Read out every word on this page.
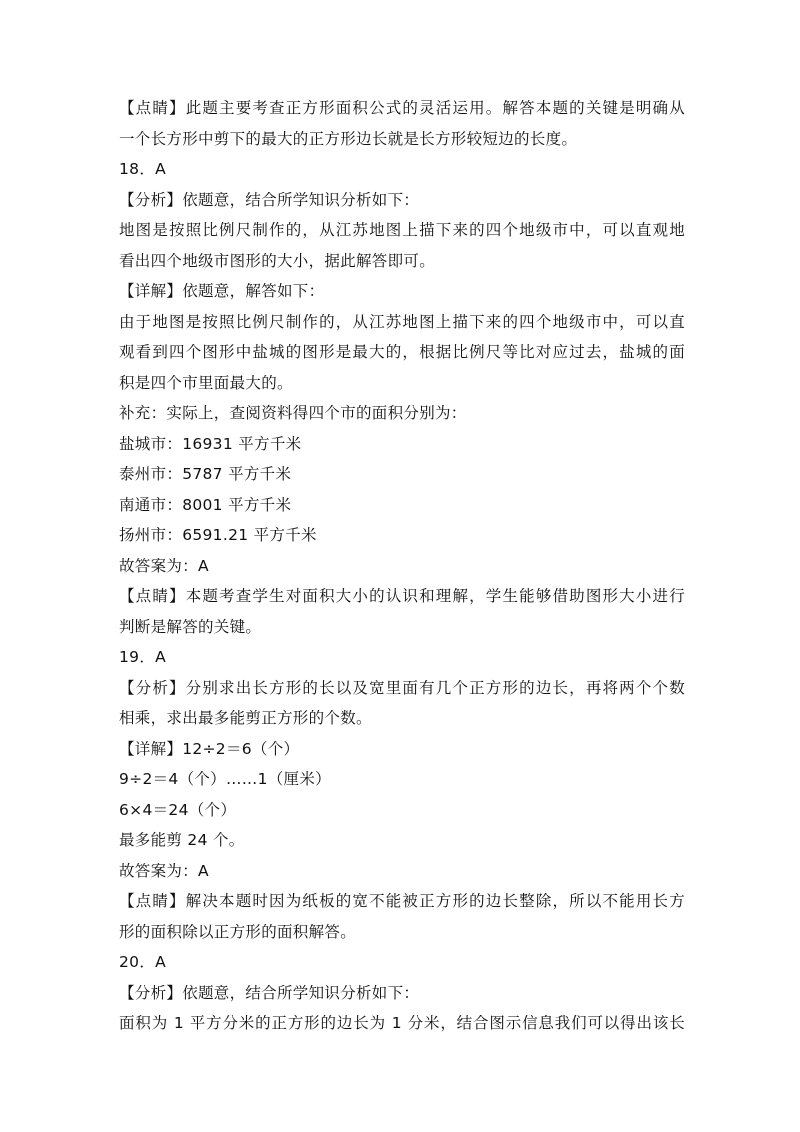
【点睛】此题主要考查正方形面积公式的灵活运用。解答本题的关键是明确从
一个长方形中剪下的最大的正方形边长就是长方形较短边的长度。
18．A
【分析】依题意，结合所学知识分析如下：
地图是按照比例尺制作的，从江苏地图上描下来的四个地级市中，可以直观地
看出四个地级市图形的大小，据此解答即可。
【详解】依题意，解答如下：
由于地图是按照比例尺制作的，从江苏地图上描下来的四个地级市中，可以直
观看到四个图形中盐城的图形是最大的，根据比例尺等比对应过去，盐城的面
积是四个市里面最大的。
补充：实际上，查阅资料得四个市的面积分别为：
盐城市：16931 平方千米
泰州市：5787 平方千米
南通市：8001 平方千米
扬州市：6591.21 平方千米
故答案为：A
【点睛】本题考查学生对面积大小的认识和理解，学生能够借助图形大小进行
判断是解答的关键。
19．A
【分析】分别求出长方形的长以及宽里面有几个正方形的边长，再将两个个数
相乘，求出最多能剪正方形的个数。
【详解】12÷2＝6（个）
9÷2＝4（个）……1（厘米）
6×4＝24（个）
最多能剪 24 个。
故答案为：A
【点睛】解决本题时因为纸板的宽不能被正方形的边长整除，所以不能用长方
形的面积除以正方形的面积解答。
20．A
【分析】依题意，结合所学知识分析如下：
面积为 1 平方分米的正方形的边长为 1 分米，结合图示信息我们可以得出该长
